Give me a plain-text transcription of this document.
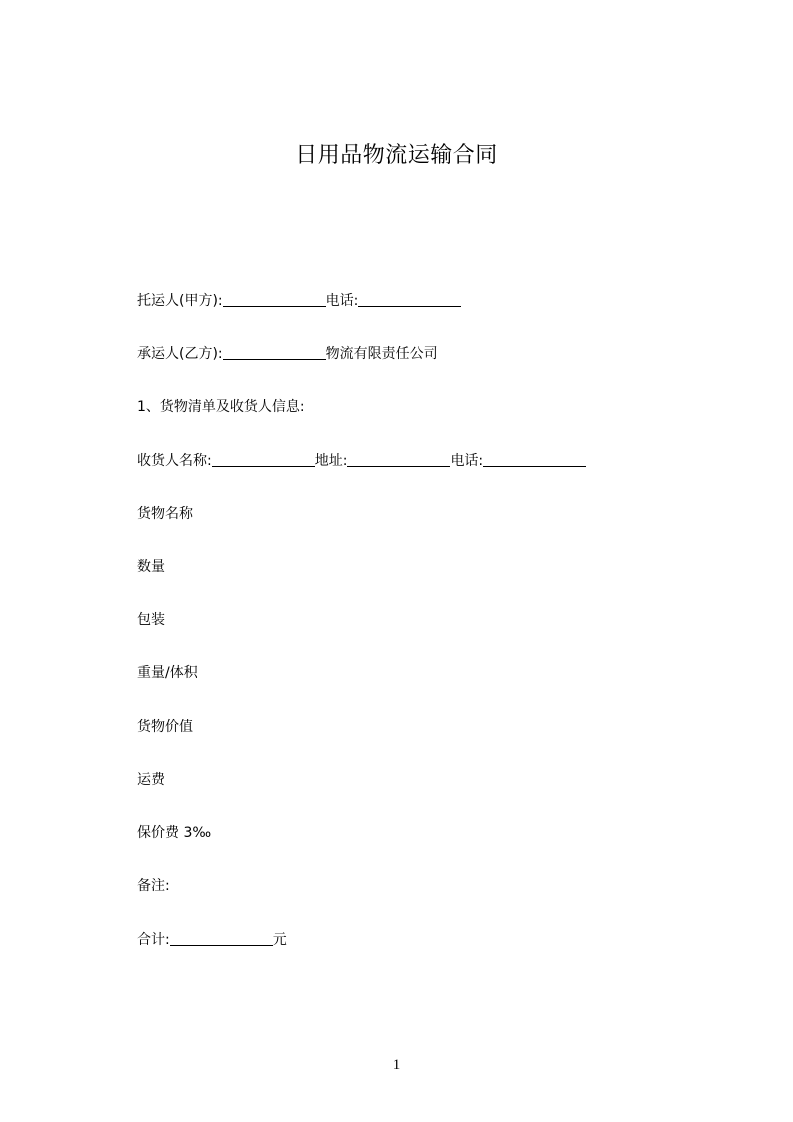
日用品物流运输合同
托运人(甲方):	电话:
承运人(乙方):	物流有限责任公司
1、货物清单及收货人信息:
收货人名称:	地址:	电话:
货物名称
数量
包装
重量/体积
货物价值
运费
保价费 3‰
备注:
合计:	元
1
